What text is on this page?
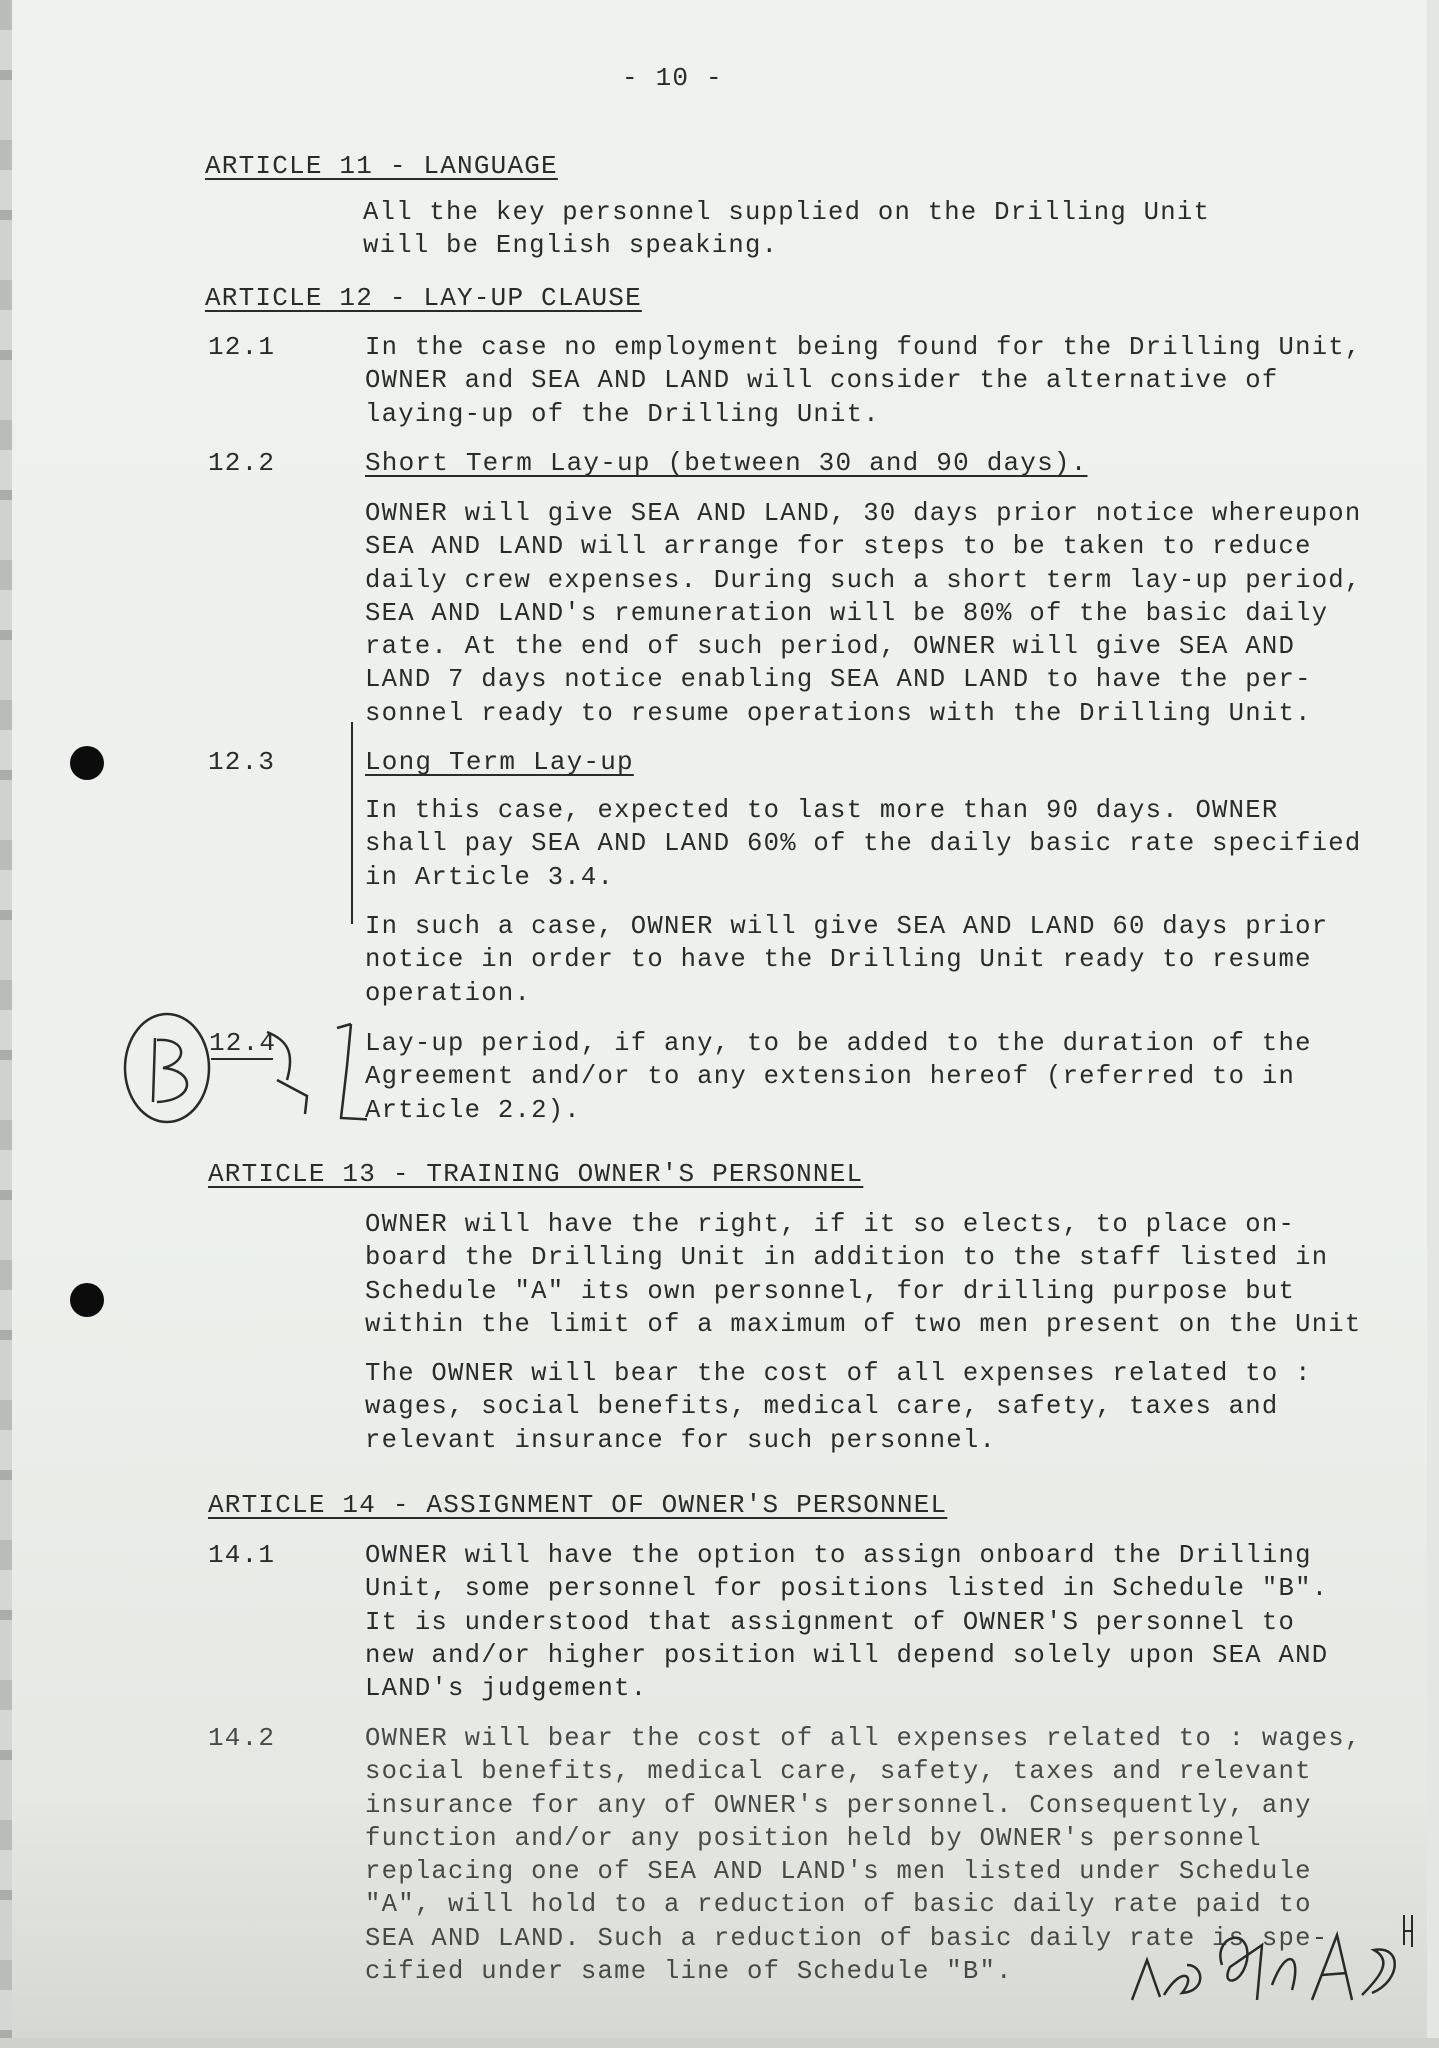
- 10 -
ARTICLE 11 - LANGUAGE
All the key personnel supplied on the Drilling Unit
will be English speaking.
ARTICLE 12 - LAY-UP CLAUSE
12.1	In the case no employment being found for the Drilling Unit,
OWNER and SEA AND LAND will consider the alternative of
laying-up of the Drilling Unit.
12.2	Short Term Lay-up (between 30 and 90 days).
OWNER will give SEA AND LAND, 30 days prior notice whereupon
SEA AND LAND will arrange for steps to be taken to reduce
daily crew expenses. During such a short term lay-up period,
SEA AND LAND's remuneration will be 80% of the basic daily
rate. At the end of such period, OWNER will give SEA AND
LAND 7 days notice enabling SEA AND LAND to have the per-
sonnel ready to resume operations with the Drilling Unit.
12.3	Long Term Lay-up
In this case, expected to last more than 90 days. OWNER
shall pay SEA AND LAND 60% of the daily basic rate specified
in Article 3.4.
In such a case, OWNER will give SEA AND LAND 60 days prior
notice in order to have the Drilling Unit ready to resume
operation.
12.4	Lay-up period, if any, to be added to the duration of the
Agreement and/or to any extension hereof (referred to in
Article 2.2).
ARTICLE 13 - TRAINING OWNER'S PERSONNEL
OWNER will have the right, if it so elects, to place on-
board the Drilling Unit in addition to the staff listed in
Schedule "A" its own personnel, for drilling purpose but
within the limit of a maximum of two men present on the Unit
The OWNER will bear the cost of all expenses related to :
wages, social benefits, medical care, safety, taxes and
relevant insurance for such personnel.
ARTICLE 14 - ASSIGNMENT OF OWNER'S PERSONNEL
14.1	OWNER will have the option to assign onboard the Drilling
Unit, some personnel for positions listed in Schedule "B".
It is understood that assignment of OWNER'S personnel to
new and/or higher position will depend solely upon SEA AND
LAND's judgement.
14.2	OWNER will bear the cost of all expenses related to : wages,
social benefits, medical care, safety, taxes and relevant
insurance for any of OWNER's personnel. Consequently, any
function and/or any position held by OWNER's personnel
replacing one of SEA AND LAND's men listed under Schedule
"A", will hold to a reduction of basic daily rate paid to
SEA AND LAND. Such a reduction of basic daily rate is spe-
cified under same line of Schedule "B".
